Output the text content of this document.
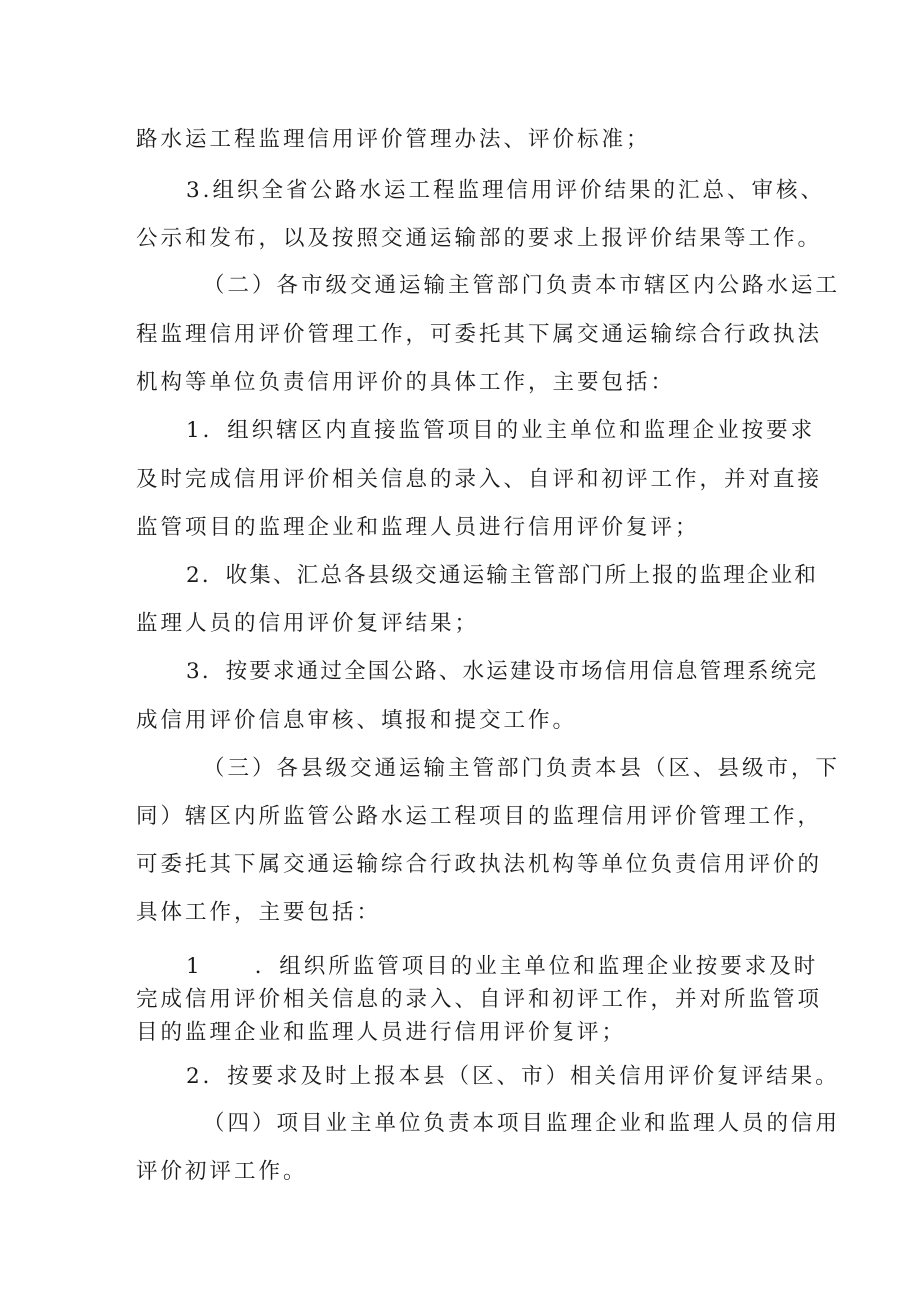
路水运工程监理信用评价管理办法、评价标准；
3.组织全省公路水运工程监理信用评价结果的汇总、审核、
公示和发布，以及按照交通运输部的要求上报评价结果等工作。
（二）各市级交通运输主管部门负责本市辖区内公路水运工
程监理信用评价管理工作，可委托其下属交通运输综合行政执法
机构等单位负责信用评价的具体工作，主要包括：
1．组织辖区内直接监管项目的业主单位和监理企业按要求
及时完成信用评价相关信息的录入、自评和初评工作，并对直接
监管项目的监理企业和监理人员进行信用评价复评；
2．收集、汇总各县级交通运输主管部门所上报的监理企业和
监理人员的信用评价复评结果；
3．按要求通过全国公路、水运建设市场信用信息管理系统完
成信用评价信息审核、填报和提交工作。
（三）各县级交通运输主管部门负责本县（区、县级市，下
同）辖区内所监管公路水运工程项目的监理信用评价管理工作，
可委托其下属交通运输综合行政执法机构等单位负责信用评价的
具体工作，主要包括：
1 ．组织所监管项目的业主单位和监理企业按要求及时
完成信用评价相关信息的录入、自评和初评工作，并对所监管项
目的监理企业和监理人员进行信用评价复评；
2．按要求及时上报本县（区、市）相关信用评价复评结果。
（四）项目业主单位负责本项目监理企业和监理人员的信用
评价初评工作。
